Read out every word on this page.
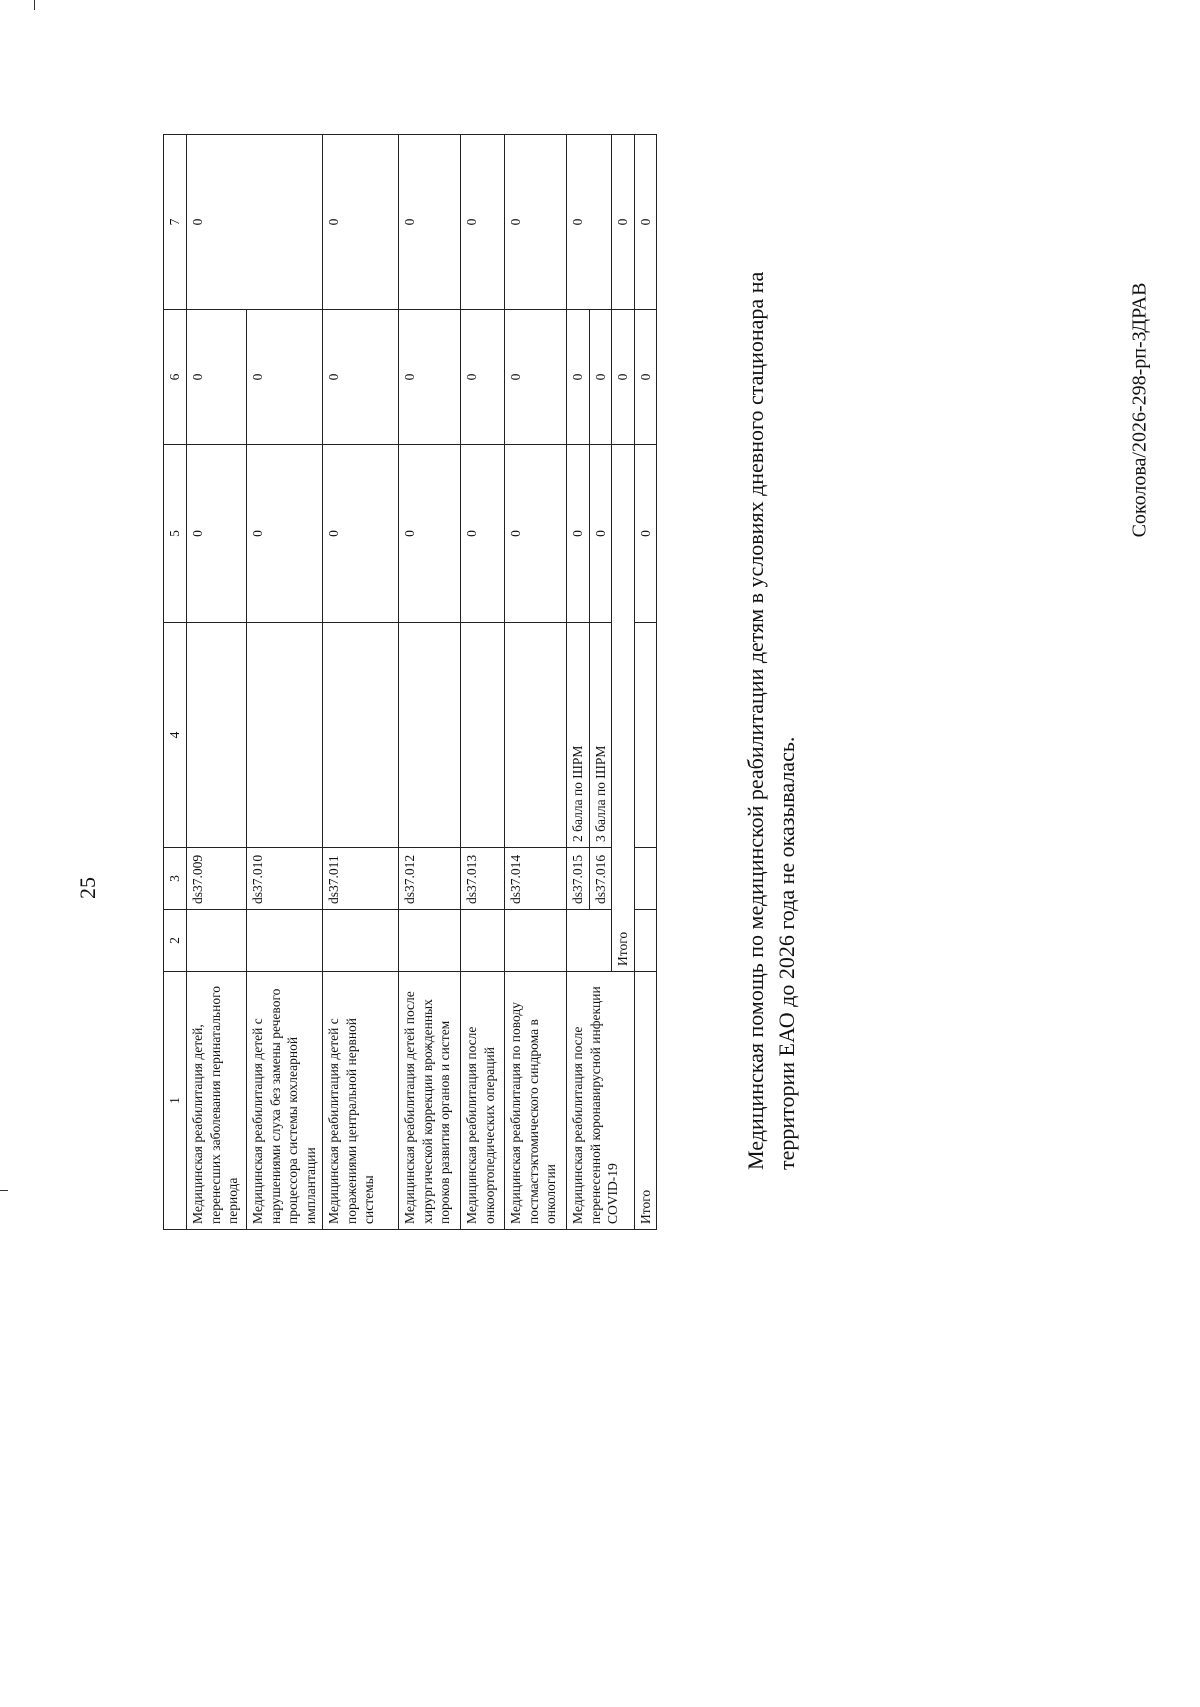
25
Соколова/2026-298-рп-ЗДРАВ
1	2	3	4	5	6	7
Медицинская реабилитация детей, перенесших заболевания перинатального периода		ds37.009		0	0	0
Медицинская реабилитация детей с нарушениями слуха без замены речевого процессора системы кохлеарной имплантации		ds37.010		0	0	
Медицинская реабилитация детей с поражениями центральной нервной системы		ds37.011		0	0	0
Медицинская реабилитация детей после хирургической коррекции врожденных пороков развития органов и систем		ds37.012		0	0	0
Медицинская реабилитация после онкоортопедических операций		ds37.013		0	0	0
Медицинская реабилитация по поводу постмастэктомического синдрома в онкологии		ds37.014		0	0	0
Медицинская реабилитация после перенесенной коронавирусной инфекции COVID-19		ds37.015	2 балла по ШРМ	0	0	0
		ds37.016	3 балла по ШРМ	0	0	
	Итого				0	0
Итого				0	0	0
Медицинская помощь по медицинской реабилитации детям в условиях дневного стационара на территории ЕАО до 2026 года не оказывалась.
